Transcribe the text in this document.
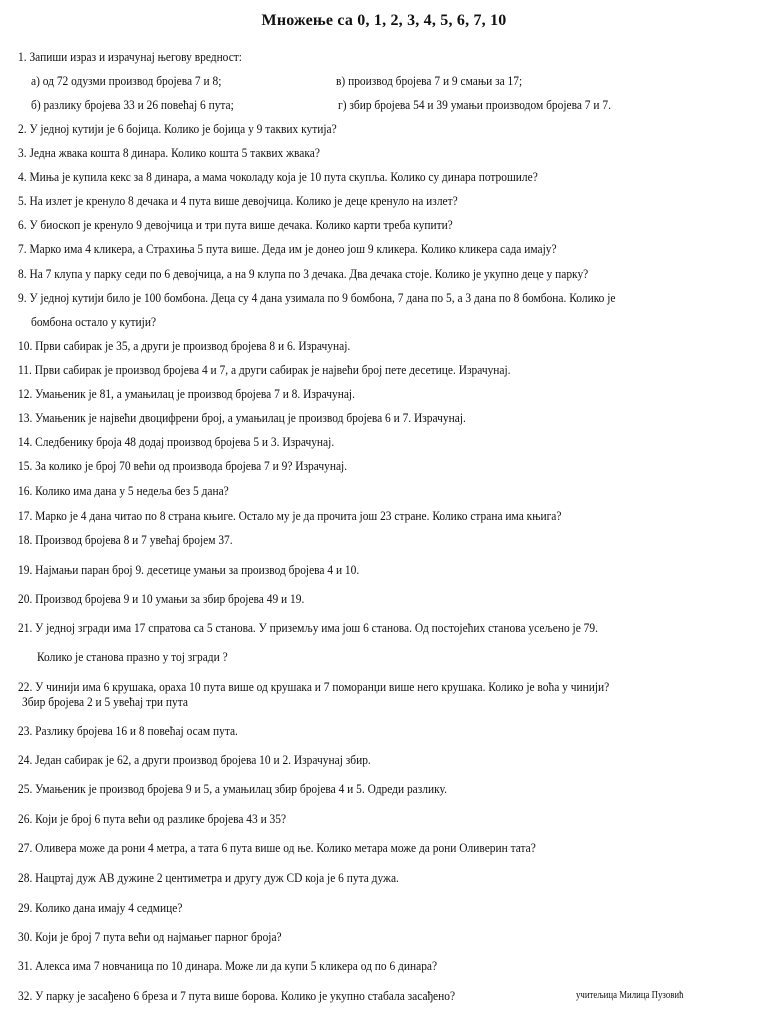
Множење са 0, 1, 2, 3, 4, 5, 6, 7, 10
1. Запиши израз и израчунај његову вредност:
а) од 72 одузми производ бројева 7 и 8;	в) производ бројева 7 и 9 смањи за 17;
б) разлику бројева 33 и 26 повећај 6 пута;	г) збир бројева 54 и 39 умањи производом бројева 7 и 7.
2. У једној кутији је 6 бојица. Колико је бојица у 9 таквих кутија?
3. Једна жвака кошта 8 динара. Колико кошта 5 таквих жвака?
4. Миња је купила кекс за 8 динара, а мама чоколаду која је 10 пута скупља. Колико су динара потрошиле?
5. На излет је кренуло 8 дечака и 4 пута више девојчица. Колико је деце кренуло на излет?
6. У биоскоп је кренуло 9 девојчица и три пута више дечака. Колико карти треба купити?
7. Марко има 4 кликера, а Страхиња 5 пута више. Деда им је донео још 9 кликера. Колико кликера сада имају?
8. На 7 клупа у парку седи по 6 девојчица, а на 9 клупа по 3 дечака. Два дечака стоје. Колико је укупно деце у парку?
9. У једној кутији било је 100 бомбона. Деца су 4 дана узимала по 9 бомбона, 7 дана по 5, а 3 дана по 8 бомбона. Колико је
бомбона остало у кутији?
10. Први сабирак је 35, а други је производ бројева 8 и 6. Израчунај.
11. Први сабирак је производ бројева 4 и 7, а други сабирак је највећи број пете десетице. Израчунај.
12. Умањеник је 81, а умањилац је производ бројева 7 и 8. Израчунај.
13. Умањеник је највећи двоцифрени број, а умањилац је производ бројева 6 и 7. Израчунај.
14. Следбенику броја 48 додај производ бројева 5 и 3. Израчунај.
15. За колико је број 70 већи од производа бројева 7 и 9? Израчунај.
16. Колико има дана у 5 недеља без 5 дана?
17. Марко је 4 дана читао по 8 страна књиге. Остало му је да прочита још 23 стране. Колико страна има књига?
18. Производ бројева 8 и 7 увећај бројем 37.
19. Најмањи паран број 9. десетице умањи за производ бројева 4 и 10.
20. Производ бројева 9 и 10 умањи за збир бројева 49 и 19.
21. У једној згради има 17 спратова са 5 станова. У приземљу има још 6 станова. Од постојећих станова усељено је 79.
Колико је станова празно у тој згради ?
22. У чинији има 6 крушака, ораха 10 пута више од крушака и 7 поморанџи више него крушака. Колико је воћа у чинији?
Збир бројева 2 и 5 увећај три пута
23. Разлику бројева 16 и 8 повећај осам пута.
24. Један сабирак је 62, а други производ бројева 10 и 2. Израчунај збир.
25. Умањеник је производ бројева 9 и 5, а умањилац збир бројева 4 и 5. Одреди разлику.
26. Који је број 6 пута већи од разлике бројева 43 и 35?
27. Оливера може да рони 4 метра, а тата 6 пута више од ње. Колико метара може да рони Оливерин тата?
28. Нацртај дуж АВ дужине 2 центиметра и другу дуж CD која је 6 пута дужа.
29. Колико дана имају 4 седмице?
30. Који је број 7 пута већи од најмањег парног броја?
31. Алекса има 7 новчаница по 10 динара. Може ли да купи 5 кликера од по 6 динара?
32. У парку је засађено 6 бреза и 7 пута више борова. Колико је укупно стабала засађено?	учитељица Милица Пузовић
